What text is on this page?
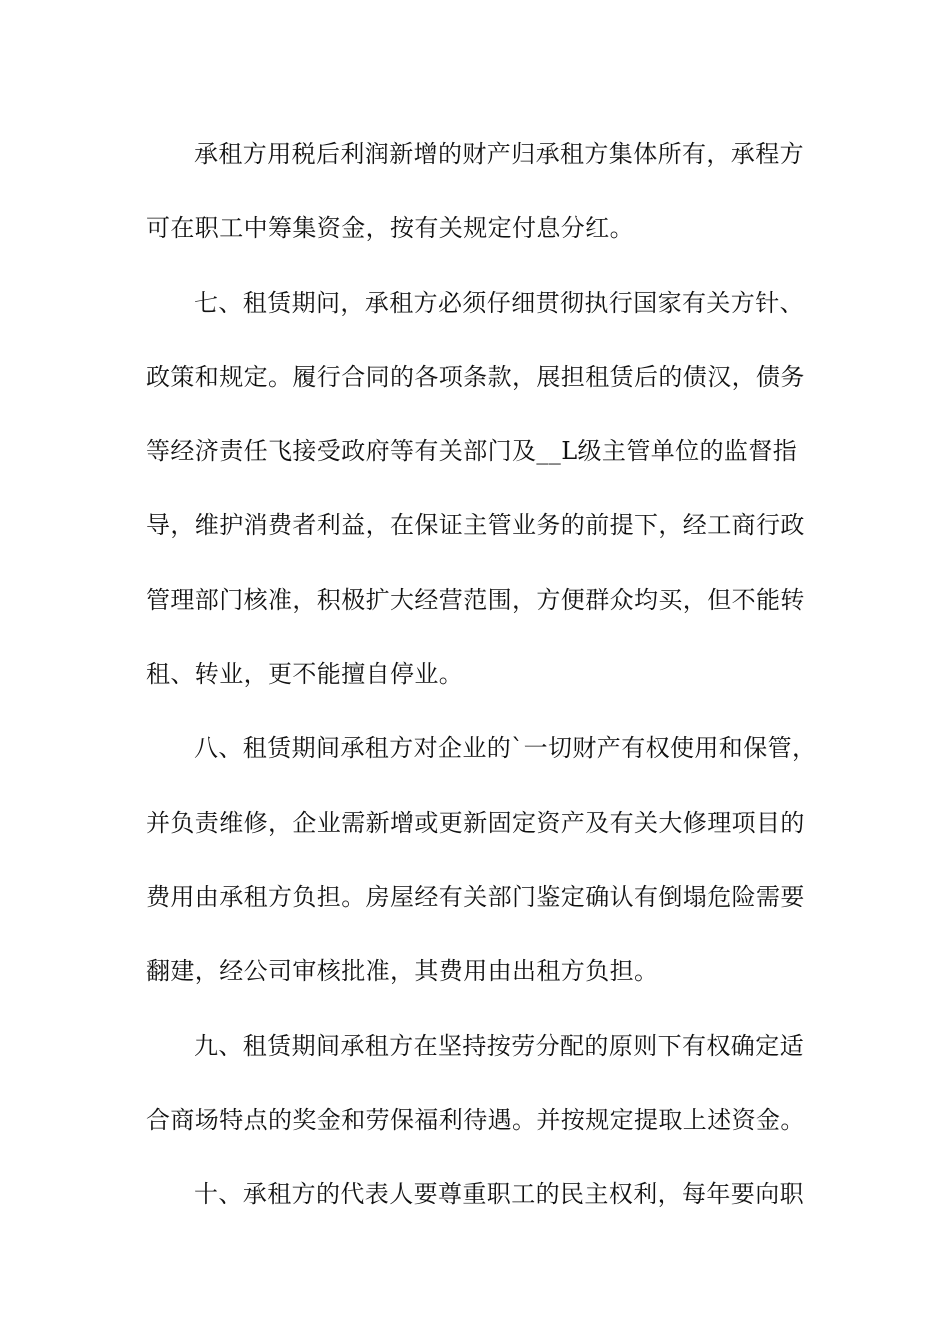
承租方用税后利润新增的财产归承租方集体所有，承程方
可在职工中筹集资金，按有关规定付息分红。
七、租赁期问，承租方必须仔细贯彻执行国家有关方针、
政策和规定。履行合同的各项条款，展担租赁后的债汉，债务
等经济责任飞接受政府等有关部门及__L级主管单位的监督指
导，维护消费者利益，在保证主管业务的前提下，经工商行政
管理部门核准，积极扩大经营范围，方便群众均买，但不能转
租、转业，更不能擅自停业。
八、租赁期间承租方对企业的`一切财产有权使用和保管，
并负责维修，企业需新增或更新固定资产及有关大修理项目的
费用由承租方负担。房屋经有关部门鉴定确认有倒塌危险需要
翻建，经公司审核批准，其费用由出租方负担。
九、租赁期间承租方在坚持按劳分配的原则下有权确定适
合商场特点的奖金和劳保福利待遇。并按规定提取上述资金。
十、承租方的代表人要尊重职工的民主权利，每年要向职
